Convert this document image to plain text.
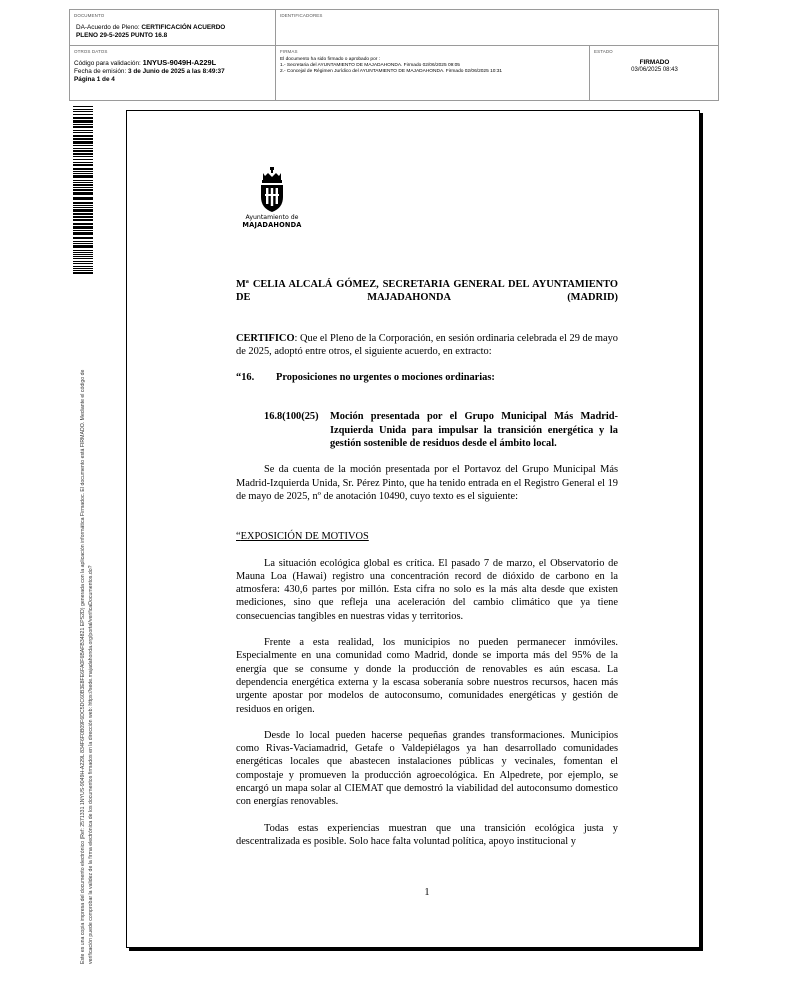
DOCUMENTO
DA-Acuerdo de Pleno: CERTIFICACIÓN ACUERDO
PLENO 29-5-2025 PUNTO 16.8
IDENTIFICADORES
OTROS DATOS
Código para validación: 1NYUS-9049H-A229L
Fecha de emisión: 3 de Junio de 2025 a las 8:49:37
Página 1 de 4
FIRMAS
El documento ha sido firmado o aprobado por :
1.- Secretaria del AYUNTAMIENTO DE MAJADAHONDA. Firmado 02/06/2025 09:05
2.- Concejal de Régimen Jurídico del AYUNTAMIENTO DE MAJADAHONDA. Firmado 02/06/2025 10:31
ESTADO
FIRMADO
03/06/2025 08:43
Este es una copia impresa del documento electrónico (Ref: 2571331 1NYUS-9049H-A229L 834F6F0B09F6DC5DC60B3E8FE6FA0F6BAFB34821 EPS2D) generada con la aplicación informática Firmadoc. El documento está FIRMADO. Mediante el código de verificación puede comprobar la validez de la firma electrónica de los documentos firmados en la dirección web: https://sede.majadahonda.org/portal/verificaDocumentos.do?
Ayuntamiento de
MAJADAHONDA

Mª CELIA ALCALÁ GÓMEZ, SECRETARIA GENERAL DEL AYUNTAMIENTO DE MAJADAHONDA (MADRID)

CERTIFICO: Que el Pleno de la Corporación, en sesión ordinaria celebrada el 29 de mayo de 2025, adoptó entre otros, el siguiente acuerdo, en extracto:

“16.	Proposiciones no urgentes o mociones ordinarias:

16.8(100(25)	Moción presentada por el Grupo Municipal Más Madrid-Izquierda Unida para impulsar la transición energética y la gestión sostenible de residuos desde el ámbito local.

Se da cuenta de la moción presentada por el Portavoz del Grupo Municipal Más Madrid-Izquierda Unida, Sr. Pérez Pinto, que ha tenido entrada en el Registro General el 19 de mayo de 2025, nº de anotación 10490, cuyo texto es el siguiente:

“EXPOSICIÓN DE MOTIVOS

La situación ecológica global es crítica. El pasado 7 de marzo, el Observatorio de Mauna Loa (Hawai) registro una concentración record de dióxido de carbono en la atmosfera: 430,6 partes por millón. Esta cifra no solo es la más alta desde que existen mediciones, sino que refleja una aceleración del cambio climático que ya tiene consecuencias tangibles en nuestras vidas y territorios.

Frente a esta realidad, los municipios no pueden permanecer inmóviles. Especialmente en una comunidad como Madrid, donde se importa más del 95% de la energía que se consume y donde la producción de renovables es aún escasa. La dependencia energética externa y la escasa soberanía sobre nuestros recursos, hacen más urgente apostar por modelos de autoconsumo, comunidades energéticas y gestión de residuos en origen.

Desde lo local pueden hacerse pequeñas grandes transformaciones. Municipios como Rivas-Vaciamadrid, Getafe o Valdepiélagos ya han desarrollado comunidades energéticas locales que abastecen instalaciones públicas y vecinales, fomentan el compostaje y promueven la producción agroecológica. En Alpedrete, por ejemplo, se encargó un mapa solar al CIEMAT que demostró la viabilidad del autoconsumo domestico con energías renovables.

Todas estas experiencias muestran que una transición ecológica justa y descentralizada es posible. Solo hace falta voluntad política, apoyo institucional y

1
